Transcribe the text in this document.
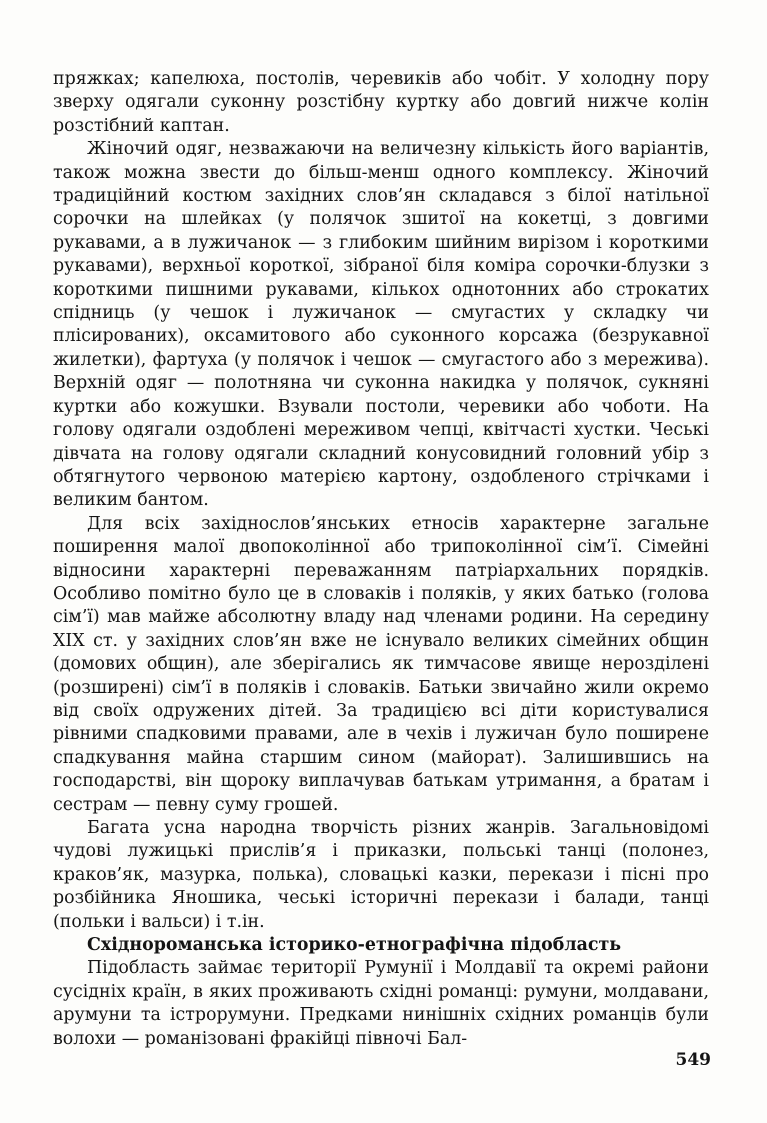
пряжках; капелюха, постолів, черевиків або чобіт. У холодну пору зверху одягали суконну розстібну куртку або довгий нижче колін розстібний каптан.

Жіночий одяг, незважаючи на величезну кількість його варіантів, також можна звести до більш-менш одного комплексу. Жіночий традиційний костюм західних слов’ян складався з білої натільної сорочки на шлейках (у полячок зшитої на кокетці, з довгими рукавами, а в лужичанок — з глибоким шийним вирізом і короткими рукавами), верхньої короткої, зібраної біля коміра сорочки-блузки з короткими пишними рукавами, кількох однотонних або строкатих спідниць (у чешок і лужичанок — смугастих у складку чи плісированих), оксамитового або суконного корсажа (безрукавної жилетки), фартуха (у полячок і чешок — смугастого або з мережива). Верхній одяг — полотняна чи суконна накидка у полячок, сукняні куртки або кожушки. Взували постоли, черевики або чоботи. На голову одягали оздоблені мереживом чепці, квітчасті хустки. Чеські дівчата на голову одягали складний конусовидний головний убір з обтягнутого червоною матерією картону, оздобленого стрічками і великим бантом.

Для всіх західнослов’янських етносів характерне загальне поширення малої двопоколінної або трипоколінної сім’ї. Сімейні відносини характерні переважанням патріархальних порядків. Особливо помітно було це в словаків і поляків, у яких батько (голова сім’ї) мав майже абсолютну владу над членами родини. На середину XIX ст. у західних слов’ян вже не існувало великих сімейних общин (домових общин), але зберігались як тимчасове явище нерозділені (розширені) сім’ї в поляків і словаків. Батьки звичайно жили окремо від своїх одружених дітей. За традицією всі діти користувалися рівними спадковими правами, але в чехів і лужичан було поширене спадкування майна старшим сином (майорат). Залишившись на господарстві, він щороку виплачував батькам утримання, а братам і сестрам — певну суму грошей.

Багата усна народна творчість різних жанрів. Загальновідомі чудові лужицькі прислів’я і приказки, польські танці (полонез, краков’як, мазурка, полька), словацькі казки, перекази і пісні про розбійника Яношика, чеські історичні перекази і балади, танці (польки і вальси) і т.ін.

Східнороманська історико-етнографічна підобласть

Підобласть займає території Румунії і Молдавії та окремі райони сусідніх країн, в яких проживають східні романці: румуни, молдавани, арумуни та істрорумуни. Предками нинішніх східних романців були волохи — романізовані фракійці півночі Бал-

549
